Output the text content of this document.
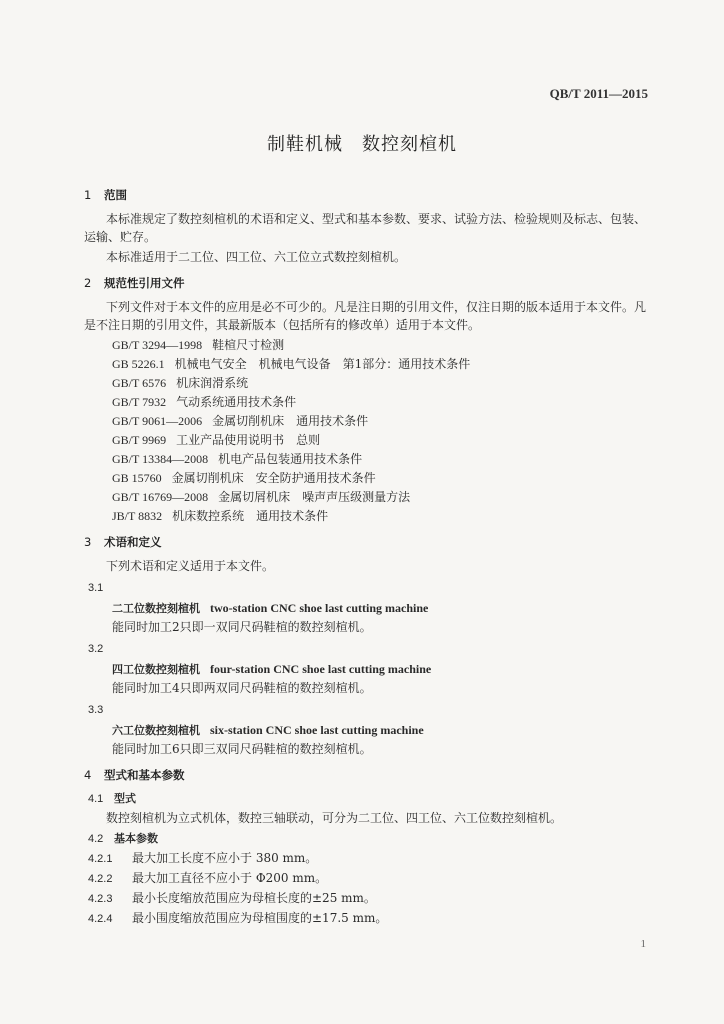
QB/T 2011—2015
制鞋机械　数控刻楦机
1 范围
本标准规定了数控刻楦机的术语和定义、型式和基本参数、要求、试验方法、检验规则及标志、包装、运输、贮存。
本标准适用于二工位、四工位、六工位立式数控刻楦机。
2 规范性引用文件
下列文件对于本文件的应用是必不可少的。凡是注日期的引用文件，仅注日期的版本适用于本文件。凡是不注日期的引用文件，其最新版本（包括所有的修改单）适用于本文件。
GB/T 3294—1998 鞋楦尺寸检测
GB 5226.1 机械电气安全　机械电气设备　第1部分：通用技术条件
GB/T 6576 机床润滑系统
GB/T 7932 气动系统通用技术条件
GB/T 9061—2006 金属切削机床　通用技术条件
GB/T 9969 工业产品使用说明书　总则
GB/T 13384—2008 机电产品包装通用技术条件
GB 15760 金属切削机床　安全防护通用技术条件
GB/T 16769—2008 金属切屑机床　噪声声压级测量方法
JB/T 8832 机床数控系统　通用技术条件
3 术语和定义
下列术语和定义适用于本文件。
3.1
二工位数控刻楦机 two-station CNC shoe last cutting machine
能同时加工2只即一双同尺码鞋楦的数控刻楦机。
3.2
四工位数控刻楦机 four-station CNC shoe last cutting machine
能同时加工4只即两双同尺码鞋楦的数控刻楦机。
3.3
六工位数控刻楦机 six-station CNC shoe last cutting machine
能同时加工6只即三双同尺码鞋楦的数控刻楦机。
4 型式和基本参数
4.1 型式
数控刻楦机为立式机体，数控三轴联动，可分为二工位、四工位、六工位数控刻楦机。
4.2 基本参数
4.2.1 最大加工长度不应小于 380 mm。
4.2.2 最大加工直径不应小于 Φ200 mm。
4.2.3 最小长度缩放范围应为母楦长度的±25 mm。
4.2.4 最小围度缩放范围应为母楦围度的±17.5 mm。
1
